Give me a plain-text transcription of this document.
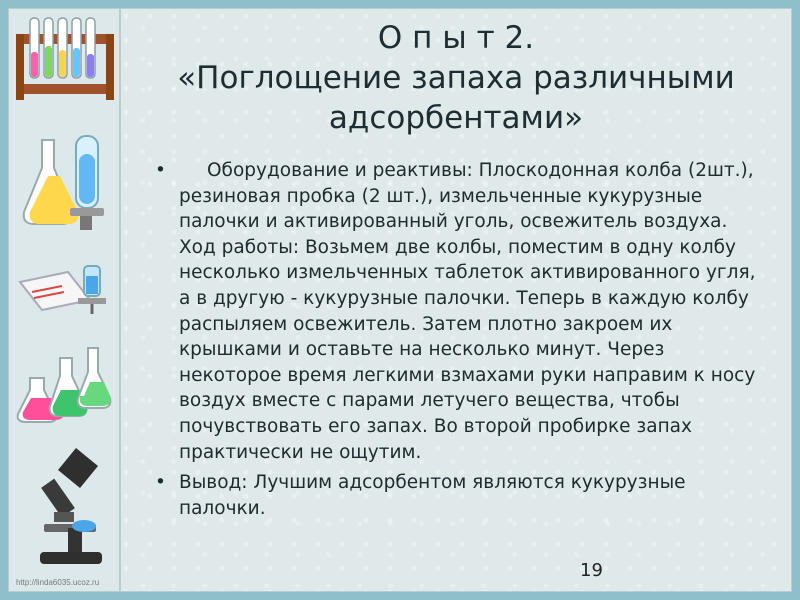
О п ы т 2.
«Поглощение запаха различными
адсорбентами»
• Оборудование и реактивы: Плоскодонная колба (2шт.), резиновая пробка (2 шт.), измельченные кукурузные палочки и активированный уголь, освежитель воздуха.
Ход работы: Возьмем две колбы, поместим в одну колбу несколько измельченных таблеток активированного угля, а в другую - кукурузные палочки. Теперь в каждую колбу распыляем освежитель. Затем плотно закроем их крышками и оставьте на несколько минут. Через некоторое время легкими взмахами руки направим к носу воздух вместе с парами летучего вещества, чтобы почувствовать его запах. Во второй пробирке запах практически не ощутим.
• Вывод: Лучшим адсорбентом являются кукурузные палочки.
19
http://linda6035.ucoz.ru
